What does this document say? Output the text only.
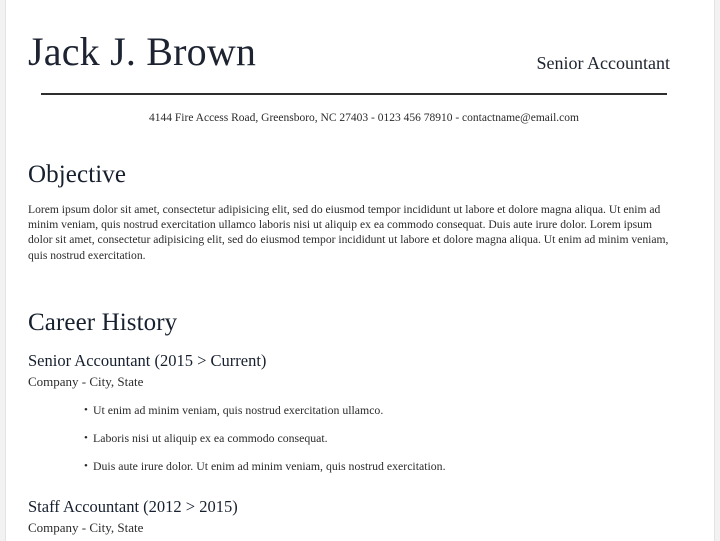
Jack J. Brown	Senior Accountant
4144 Fire Access Road, Greensboro, NC 27403 - 0123 456 78910 - contactname@email.com
Objective

Lorem ipsum dolor sit amet, consectetur adipisicing elit, sed do eiusmod tempor incididunt ut labore et dolore magna aliqua. Ut enim ad minim veniam, quis nostrud exercitation ullamco laboris nisi ut aliquip ex ea commodo consequat. Duis aute irure dolor. Lorem ipsum dolor sit amet, consectetur adipisicing elit, sed do eiusmod tempor incididunt ut labore et dolore magna aliqua. Ut enim ad minim veniam, quis nostrud exercitation.

Career History
Senior Accountant (2015 > Current)
Company - City, State
• Ut enim ad minim veniam, quis nostrud exercitation ullamco.
• Laboris nisi ut aliquip ex ea commodo consequat.
• Duis aute irure dolor. Ut enim ad minim veniam, quis nostrud exercitation.
Staff Accountant (2012 > 2015)
Company - City, State
